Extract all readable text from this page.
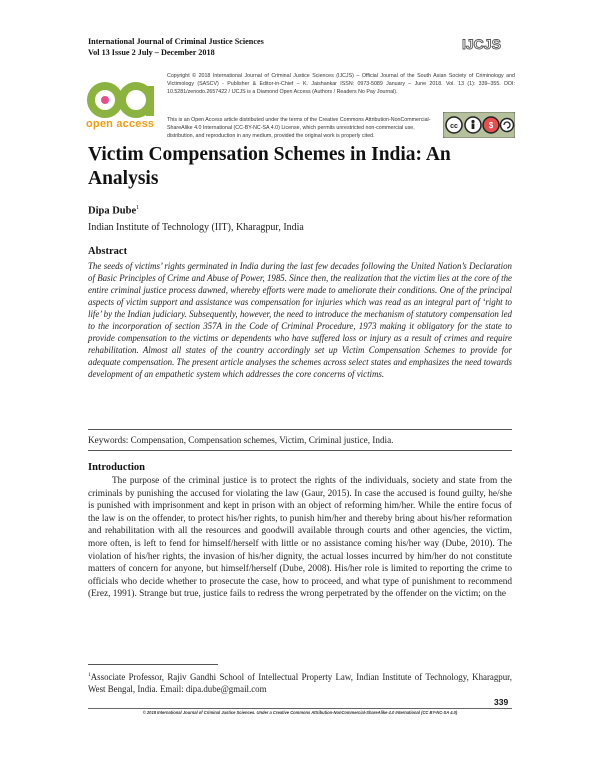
International Journal of Criminal Justice Sciences
Vol 13 Issue 2 July – December 2018
IJCJS
open access
Copyright © 2018 International Journal of Criminal Justice Sciences (IJCJS) – Official Journal of the South Asian Society of Criminology and Victimology (SASCV) - Publisher & Editor-in-Chief – K. Jaishankar ISSN: 0973-5089 January – June 2018. Vol. 13 (1): 339–355. DOI: 10.5281/zenodo.2657422 / IJCJS is a Diamond Open Access (Authors / Readers No Pay Journal).
This is an Open Access article distributed under the terms of the Creative Commons Attribution-NonCommercial-ShareAlike 4.0 International (CC-BY-NC-SA 4.0) License, which permits unrestricted non-commercial use, distribution, and reproduction in any medium, provided the original work is properly cited.
cc	$
Victim Compensation Schemes in India: An Analysis
Dipa Dube$^1$
Indian Institute of Technology (IIT), Kharagpur, India
Abstract

The seeds of victims’ rights germinated in India during the last few decades following the United Nation’s Declaration of Basic Principles of Crime and Abuse of Power, 1985. Since then, the realization that the victim lies at the core of the entire criminal justice process dawned, whereby efforts were made to ameliorate their conditions. One of the principal aspects of victim support and assistance was compensation for injuries which was read as an integral part of ‘right to life’ by the Indian judiciary. Subsequently, however, the need to introduce the mechanism of statutory compensation led to the incorporation of section 357A in the Code of Criminal Procedure, 1973 making it obligatory for the state to provide compensation to the victims or dependents who have suffered loss or injury as a result of crimes and require rehabilitation. Almost all states of the country accordingly set up Victim Compensation Schemes to provide for adequate compensation. The present article analyses the schemes across select states and emphasizes the need towards development of an empathetic system which addresses the core concerns of victims.

Keywords: Compensation, Compensation schemes, Victim, Criminal justice, India.
Introduction

The purpose of the criminal justice is to protect the rights of the individuals, society and state from the criminals by punishing the accused for violating the law (Gaur, 2015). In case the accused is found guilty, he/she is punished with imprisonment and kept in prison with an object of reforming him/her. While the entire focus of the law is on the offender, to protect his/her rights, to punish him/her and thereby bring about his/her reformation and rehabilitation with all the resources and goodwill available through courts and other agencies, the victim, more often, is left to fend for himself/herself with little or no assistance coming his/her way (Dube, 2010). The violation of his/her rights, the invasion of his/her dignity, the actual losses incurred by him/her do not constitute matters of concern for anyone, but himself/herself (Dube, 2008). His/her role is limited to reporting the crime to officials who decide whether to prosecute the case, how to proceed, and what type of punishment to recommend (Erez, 1991). Strange but true, justice fails to redress the wrong perpetrated by the offender on the victim; on the

$^1$Associate Professor, Rajiv Gandhi School of Intellectual Property Law, Indian Institute of Technology, Kharagpur, West Bengal, India. Email: dipa.dube@gmail.com

339
© 2018 International Journal of Criminal Justice Sciences. Under a Creative Commons Attribution-NonCommercial-ShareAlike 4.0 International (CC BY-NC-SA 4.0)
